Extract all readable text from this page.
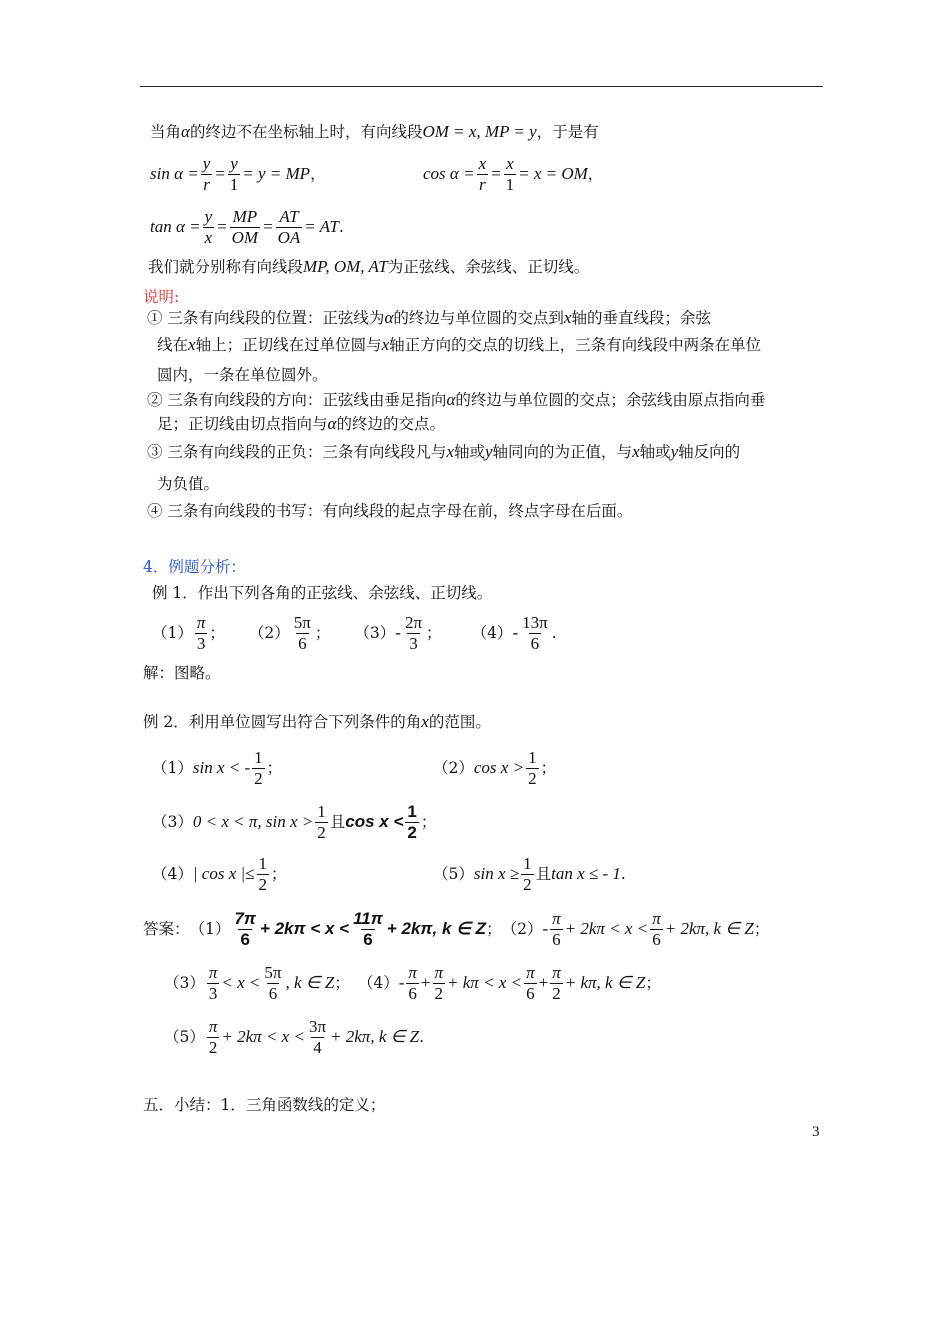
当角α的终边不在坐标轴上时，有向线段OM = x, MP = y，于是有
$\sin \alpha = \frac{y}{r} = \frac{y}{1} = y$ = MP ，	$\cos \alpha = \frac{x}{r} = \frac{x}{1} = x$ = OM ，
$\tan \alpha = \frac{y}{x} = \frac{MP}{OM} = \frac{AT}{OA}$ = AT .
我们就分别称有向线段MP, OM, AT为正弦线、余弦线、正切线。
说明:
① 三条有向线段的位置：正弦线为α的终边与单位圆的交点到x轴的垂直线段；余弦
线在x轴上；正切线在过单位圆与x轴正方向的交点的切线上，三条有向线段中两条在单位
圆内，一条在单位圆外。
② 三条有向线段的方向：正弦线由垂足指向α的终边与单位圆的交点；余弦线由原点指向垂
足；正切线由切点指向与α的终边的交点。
③ 三条有向线段的正负：三条有向线段凡与x轴或y轴同向的为正值，与x轴或y轴反向的
为负值。
④ 三条有向线段的书写：有向线段的起点字母在前，终点字母在后面。
4．例题分析：
例 1．作出下列各角的正弦线、余弦线、正切线。
$(1) \frac{\pi}{3}$ ； $(2) \frac{5\pi}{6}$ ； $(3) - \frac{2\pi}{3}$ ； $(4) - \frac{13\pi}{6}$ .
解：图略。
例 2．利用单位圆写出符合下列条件的角x的范围。
（1） sin x < - $\frac{1}{2}$ ；	（2） $\cos x > \frac{1}{2}$ ；
（3） 0 < x < π, $\sin x > \frac{1}{2}$ 且 $\cos x < \frac{1}{2}$ ；
（4） | cos x |≤ $\frac{1}{2}$ ；	（5） $\sin x \ge \frac{1}{2}$ 且 tan x ≤ - 1 .
答案： $(1) \frac{7\pi}{6} + 2k\pi < x < \frac{11\pi}{6} + 2k\pi$, k ∈ Z ； $(2) - \frac{\pi}{6} + 2k\pi < x < \frac{\pi}{6} + 2k\pi$, k ∈ Z ；
$(3) \frac{\pi}{3} < x < \frac{5\pi}{6}$ , k ∈ Z ； $(4) - \frac{\pi}{6} + \frac{\pi}{2} + k\pi < x < \frac{\pi}{6} + \frac{\pi}{2} + k\pi$, k ∈ Z ；
$(5) \frac{\pi}{2} + 2k\pi < x < \frac{3\pi}{4} + 2k\pi$, k ∈ Z .
五．小结：1．三角函数线的定义；
3
